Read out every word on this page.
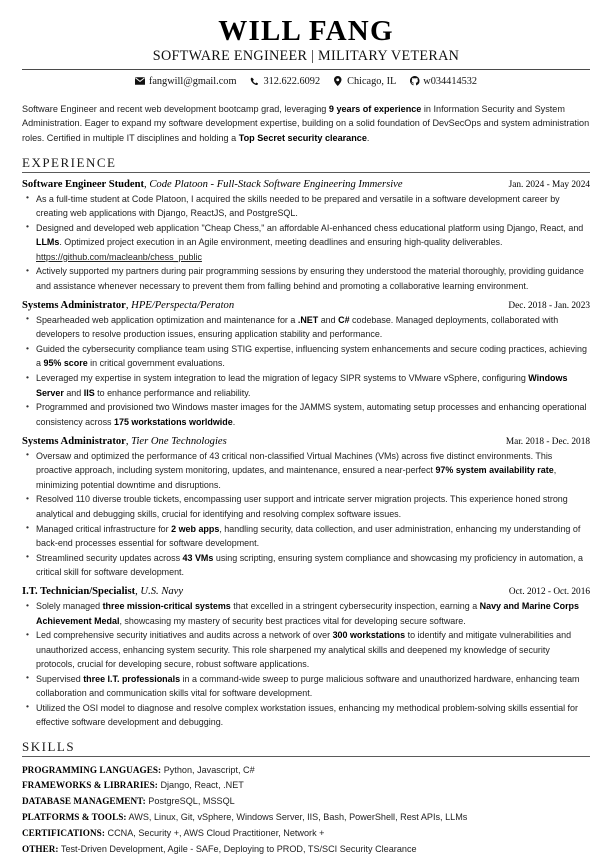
WILL FANG
SOFTWARE ENGINEER | MILITARY VETERAN
fangwill@gmail.com	312.622.6092	Chicago, IL	w034414532
Software Engineer and recent web development bootcamp grad, leveraging 9 years of experience in Information Security and System Administration. Eager to expand my software development expertise, building on a solid foundation of DevSecOps and system administration roles. Certified in multiple IT disciplines and holding a Top Secret security clearance.
EXPERIENCE
Software Engineer Student, Code Platoon - Full-Stack Software Engineering Immersive	Jan. 2024 - May 2024
• As a full-time student at Code Platoon, I acquired the skills needed to be prepared and versatile in a software development career by creating web applications with Django, ReactJS, and PostgreSQL.
• Designed and developed web application "Cheap Chess," an affordable AI-enhanced chess educational platform using Django, React, and LLMs. Optimized project execution in an Agile environment, meeting deadlines and ensuring high-quality deliverables. https://github.com/macleanb/chess_public
• Actively supported my partners during pair programming sessions by ensuring they understood the material thoroughly, providing guidance and assistance whenever necessary to prevent them from falling behind and promoting a collaborative learning environment.
Systems Administrator, HPE/Perspecta/Peraton	Dec. 2018 - Jan. 2023
• Spearheaded web application optimization and maintenance for a .NET and C# codebase. Managed deployments, collaborated with developers to resolve production issues, ensuring application stability and performance.
• Guided the cybersecurity compliance team using STIG expertise, influencing system enhancements and secure coding practices, achieving a 95% score in critical government evaluations.
• Leveraged my expertise in system integration to lead the migration of legacy SIPR systems to VMware vSphere, configuring Windows Server and IIS to enhance performance and reliability.
• Programmed and provisioned two Windows master images for the JAMMS system, automating setup processes and enhancing operational consistency across 175 workstations worldwide.
Systems Administrator, Tier One Technologies	Mar. 2018 - Dec. 2018
• Oversaw and optimized the performance of 43 critical non-classified Virtual Machines (VMs) across five distinct environments. This proactive approach, including system monitoring, updates, and maintenance, ensured a near-perfect 97% system availability rate, minimizing potential downtime and disruptions.
• Resolved 110 diverse trouble tickets, encompassing user support and intricate server migration projects. This experience honed strong analytical and debugging skills, crucial for identifying and resolving complex software issues.
• Managed critical infrastructure for 2 web apps, handling security, data collection, and user administration, enhancing my understanding of back-end processes essential for software development.
• Streamlined security updates across 43 VMs using scripting, ensuring system compliance and showcasing my proficiency in automation, a critical skill for software development.
I.T. Technician/Specialist, U.S. Navy	Oct. 2012 - Oct. 2016
• Solely managed three mission-critical systems that excelled in a stringent cybersecurity inspection, earning a Navy and Marine Corps Achievement Medal, showcasing my mastery of security best practices vital for developing secure software.
• Led comprehensive security initiatives and audits across a network of over 300 workstations to identify and mitigate vulnerabilities and unauthorized access, enhancing system security. This role sharpened my analytical skills and deepened my knowledge of security protocols, crucial for developing secure, robust software applications.
• Supervised three I.T. professionals in a command-wide sweep to purge malicious software and unauthorized hardware, enhancing team collaboration and communication skills vital for software development.
• Utilized the OSI model to diagnose and resolve complex workstation issues, enhancing my methodical problem-solving skills essential for effective software development and debugging.
SKILLS
PROGRAMMING LANGUAGES: Python, Javascript, C#
FRAMEWORKS & LIBRARIES: Django, React, .NET
DATABASE MANAGEMENT: PostgreSQL, MSSQL
PLATFORMS & TOOLS: AWS, Linux, Git, vSphere, Windows Server, IIS, Bash, PowerShell, Rest APIs, LLMs
CERTIFICATIONS: CCNA, Security +, AWS Cloud Practitioner, Network +
OTHER: Test-Driven Development, Agile - SAFe, Deploying to PROD, TS/SCI Security Clearance
